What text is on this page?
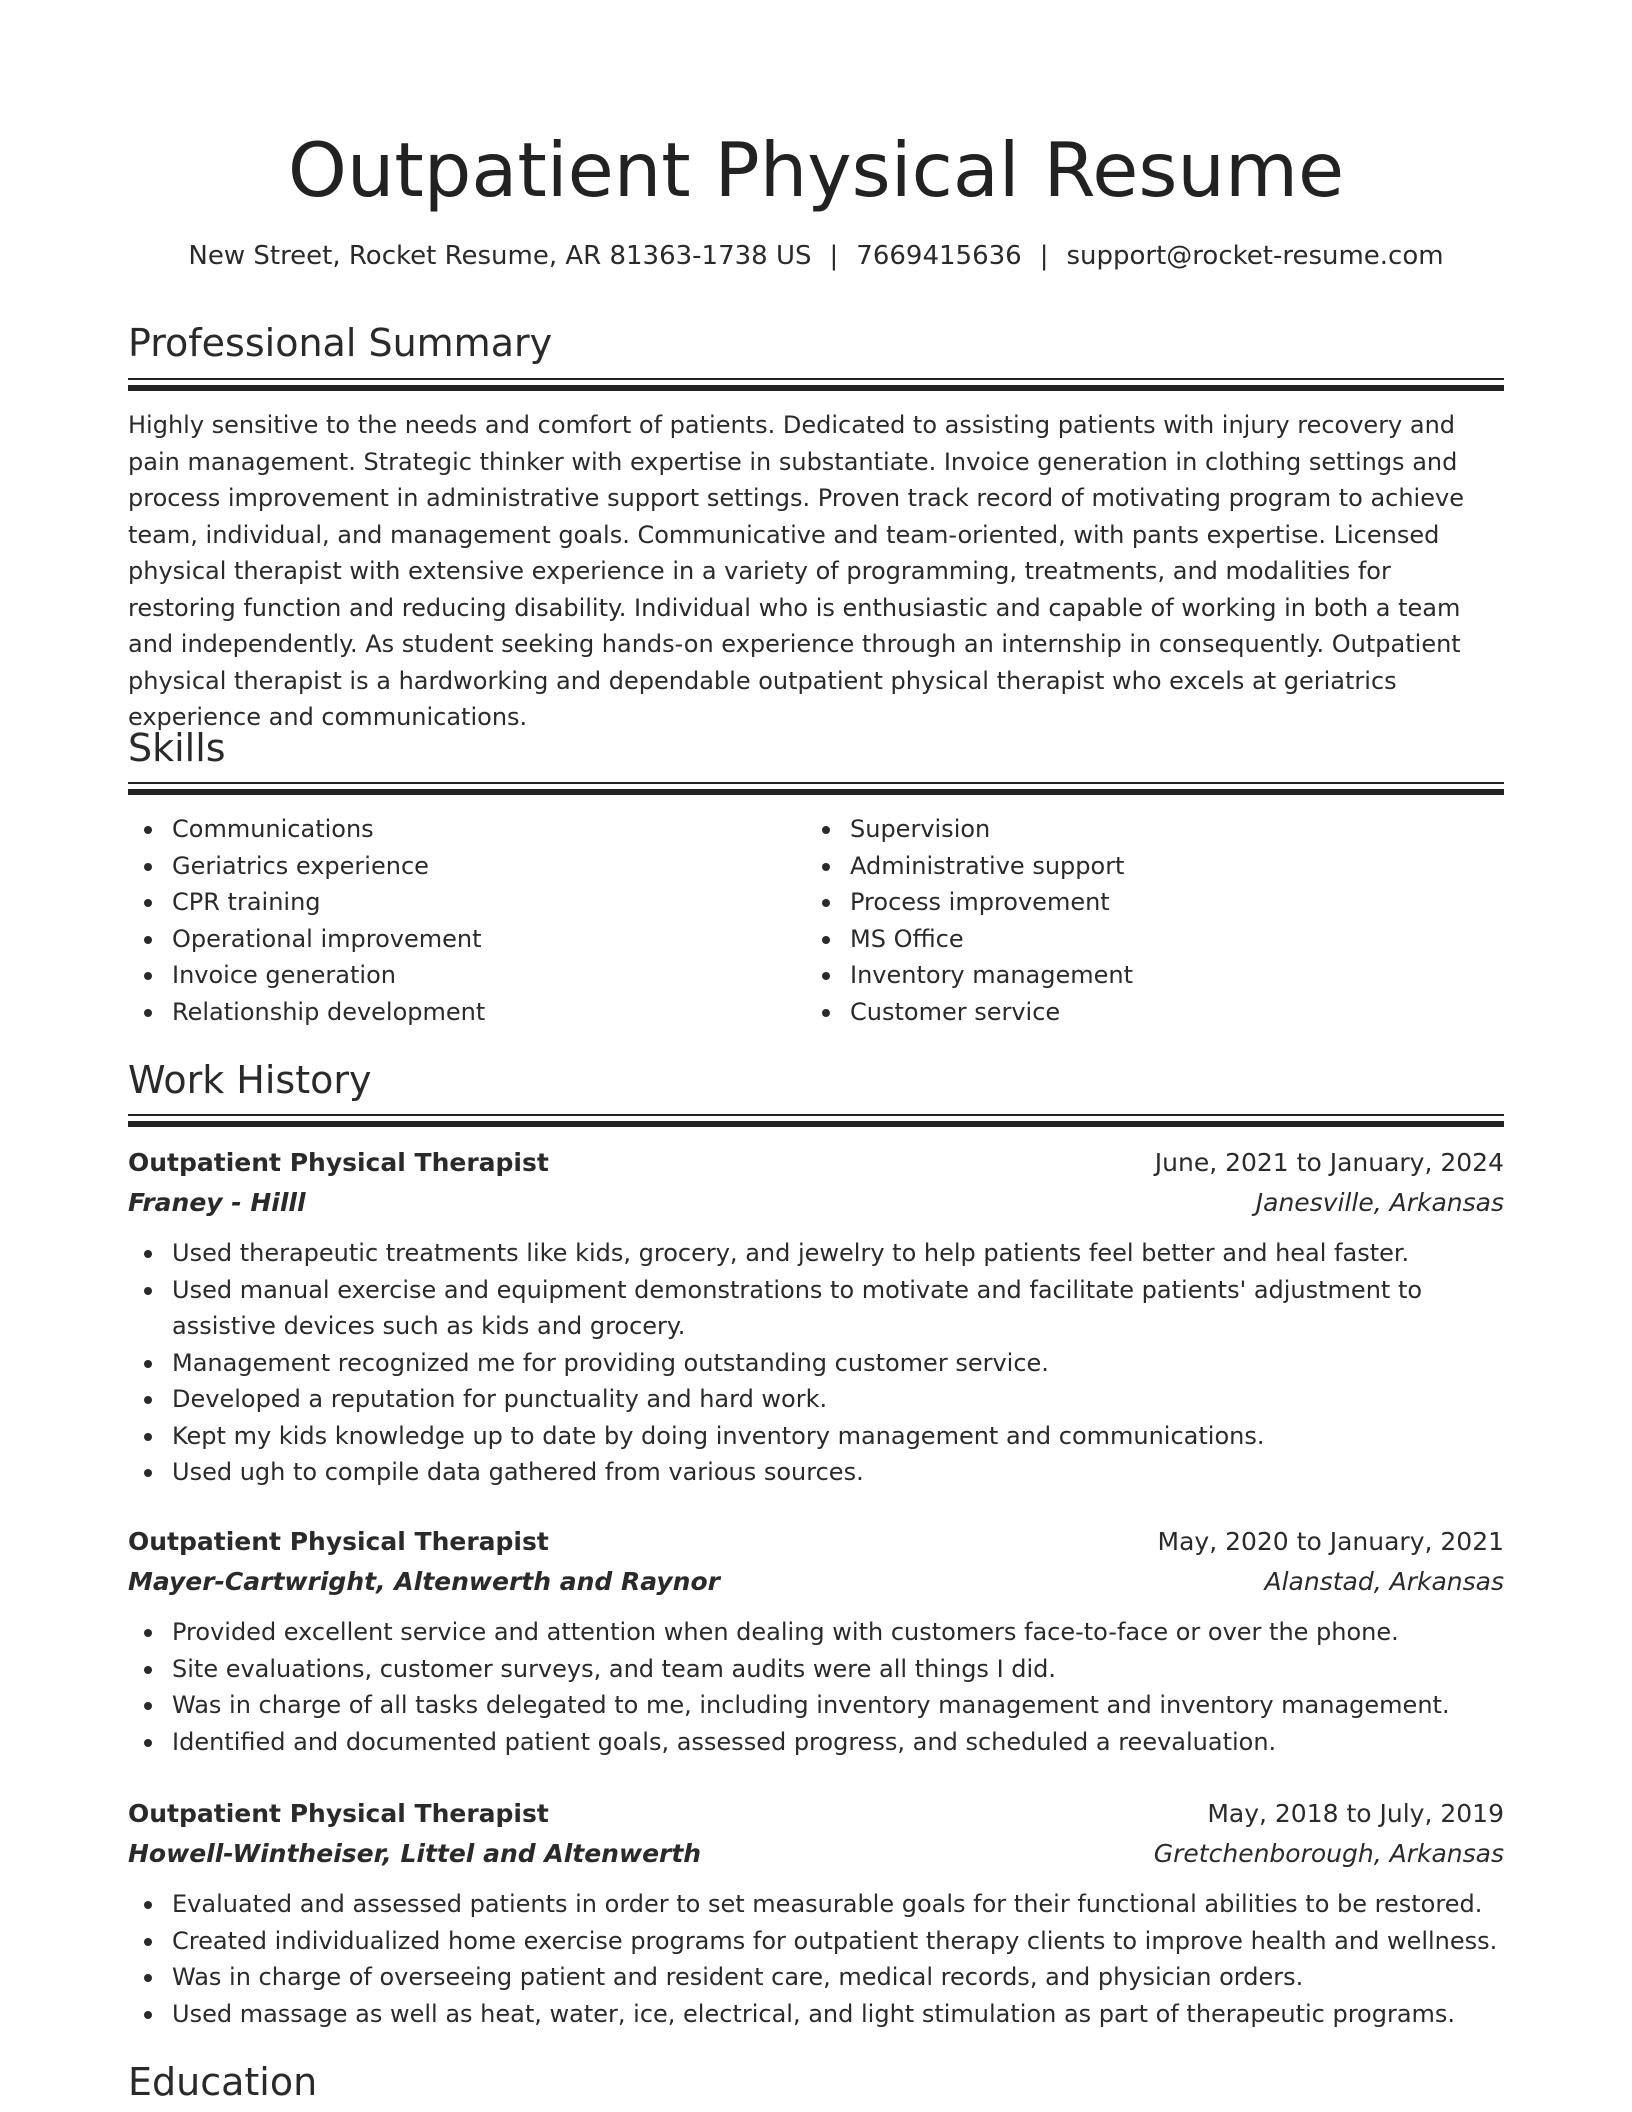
Outpatient Physical Resume
New Street, Rocket Resume, AR 81363-1738 US | 7669415636 | support@rocket-resume.com
Professional Summary

Highly sensitive to the needs and comfort of patients. Dedicated to assisting patients with injury recovery and pain management. Strategic thinker with expertise in substantiate. Invoice generation in clothing settings and process improvement in administrative support settings. Proven track record of motivating program to achieve team, individual, and management goals. Communicative and team-oriented, with pants expertise. Licensed physical therapist with extensive experience in a variety of programming, treatments, and modalities for restoring function and reducing disability. Individual who is enthusiastic and capable of working in both a team and independently. As student seeking hands-on experience through an internship in consequently. Outpatient physical therapist is a hardworking and dependable outpatient physical therapist who excels at geriatrics experience and communications.

Skills
Communications
Geriatrics experience
CPR training
Operational improvement
Invoice generation
Relationship development
Supervision
Administrative support
Process improvement
MS Office
Inventory management
Customer service
Work History
Outpatient Physical Therapist	June, 2021 to January, 2024
Franey - Hilll	Janesville, Arkansas
Used therapeutic treatments like kids, grocery, and jewelry to help patients feel better and heal faster.
Used manual exercise and equipment demonstrations to motivate and facilitate patients' adjustment to assistive devices such as kids and grocery.
Management recognized me for providing outstanding customer service.
Developed a reputation for punctuality and hard work.
Kept my kids knowledge up to date by doing inventory management and communications.
Used ugh to compile data gathered from various sources.
Outpatient Physical Therapist	May, 2020 to January, 2021
Mayer-Cartwright, Altenwerth and Raynor	Alanstad, Arkansas
Provided excellent service and attention when dealing with customers face-to-face or over the phone.
Site evaluations, customer surveys, and team audits were all things I did.
Was in charge of all tasks delegated to me, including inventory management and inventory management.
Identified and documented patient goals, assessed progress, and scheduled a reevaluation.
Outpatient Physical Therapist	May, 2018 to July, 2019
Howell-Wintheiser, Littel and Altenwerth	Gretchenborough, Arkansas
Evaluated and assessed patients in order to set measurable goals for their functional abilities to be restored.
Created individualized home exercise programs for outpatient therapy clients to improve health and wellness.
Was in charge of overseeing patient and resident care, medical records, and physician orders.
Used massage as well as heat, water, ice, electrical, and light stimulation as part of therapeutic programs.
Education
